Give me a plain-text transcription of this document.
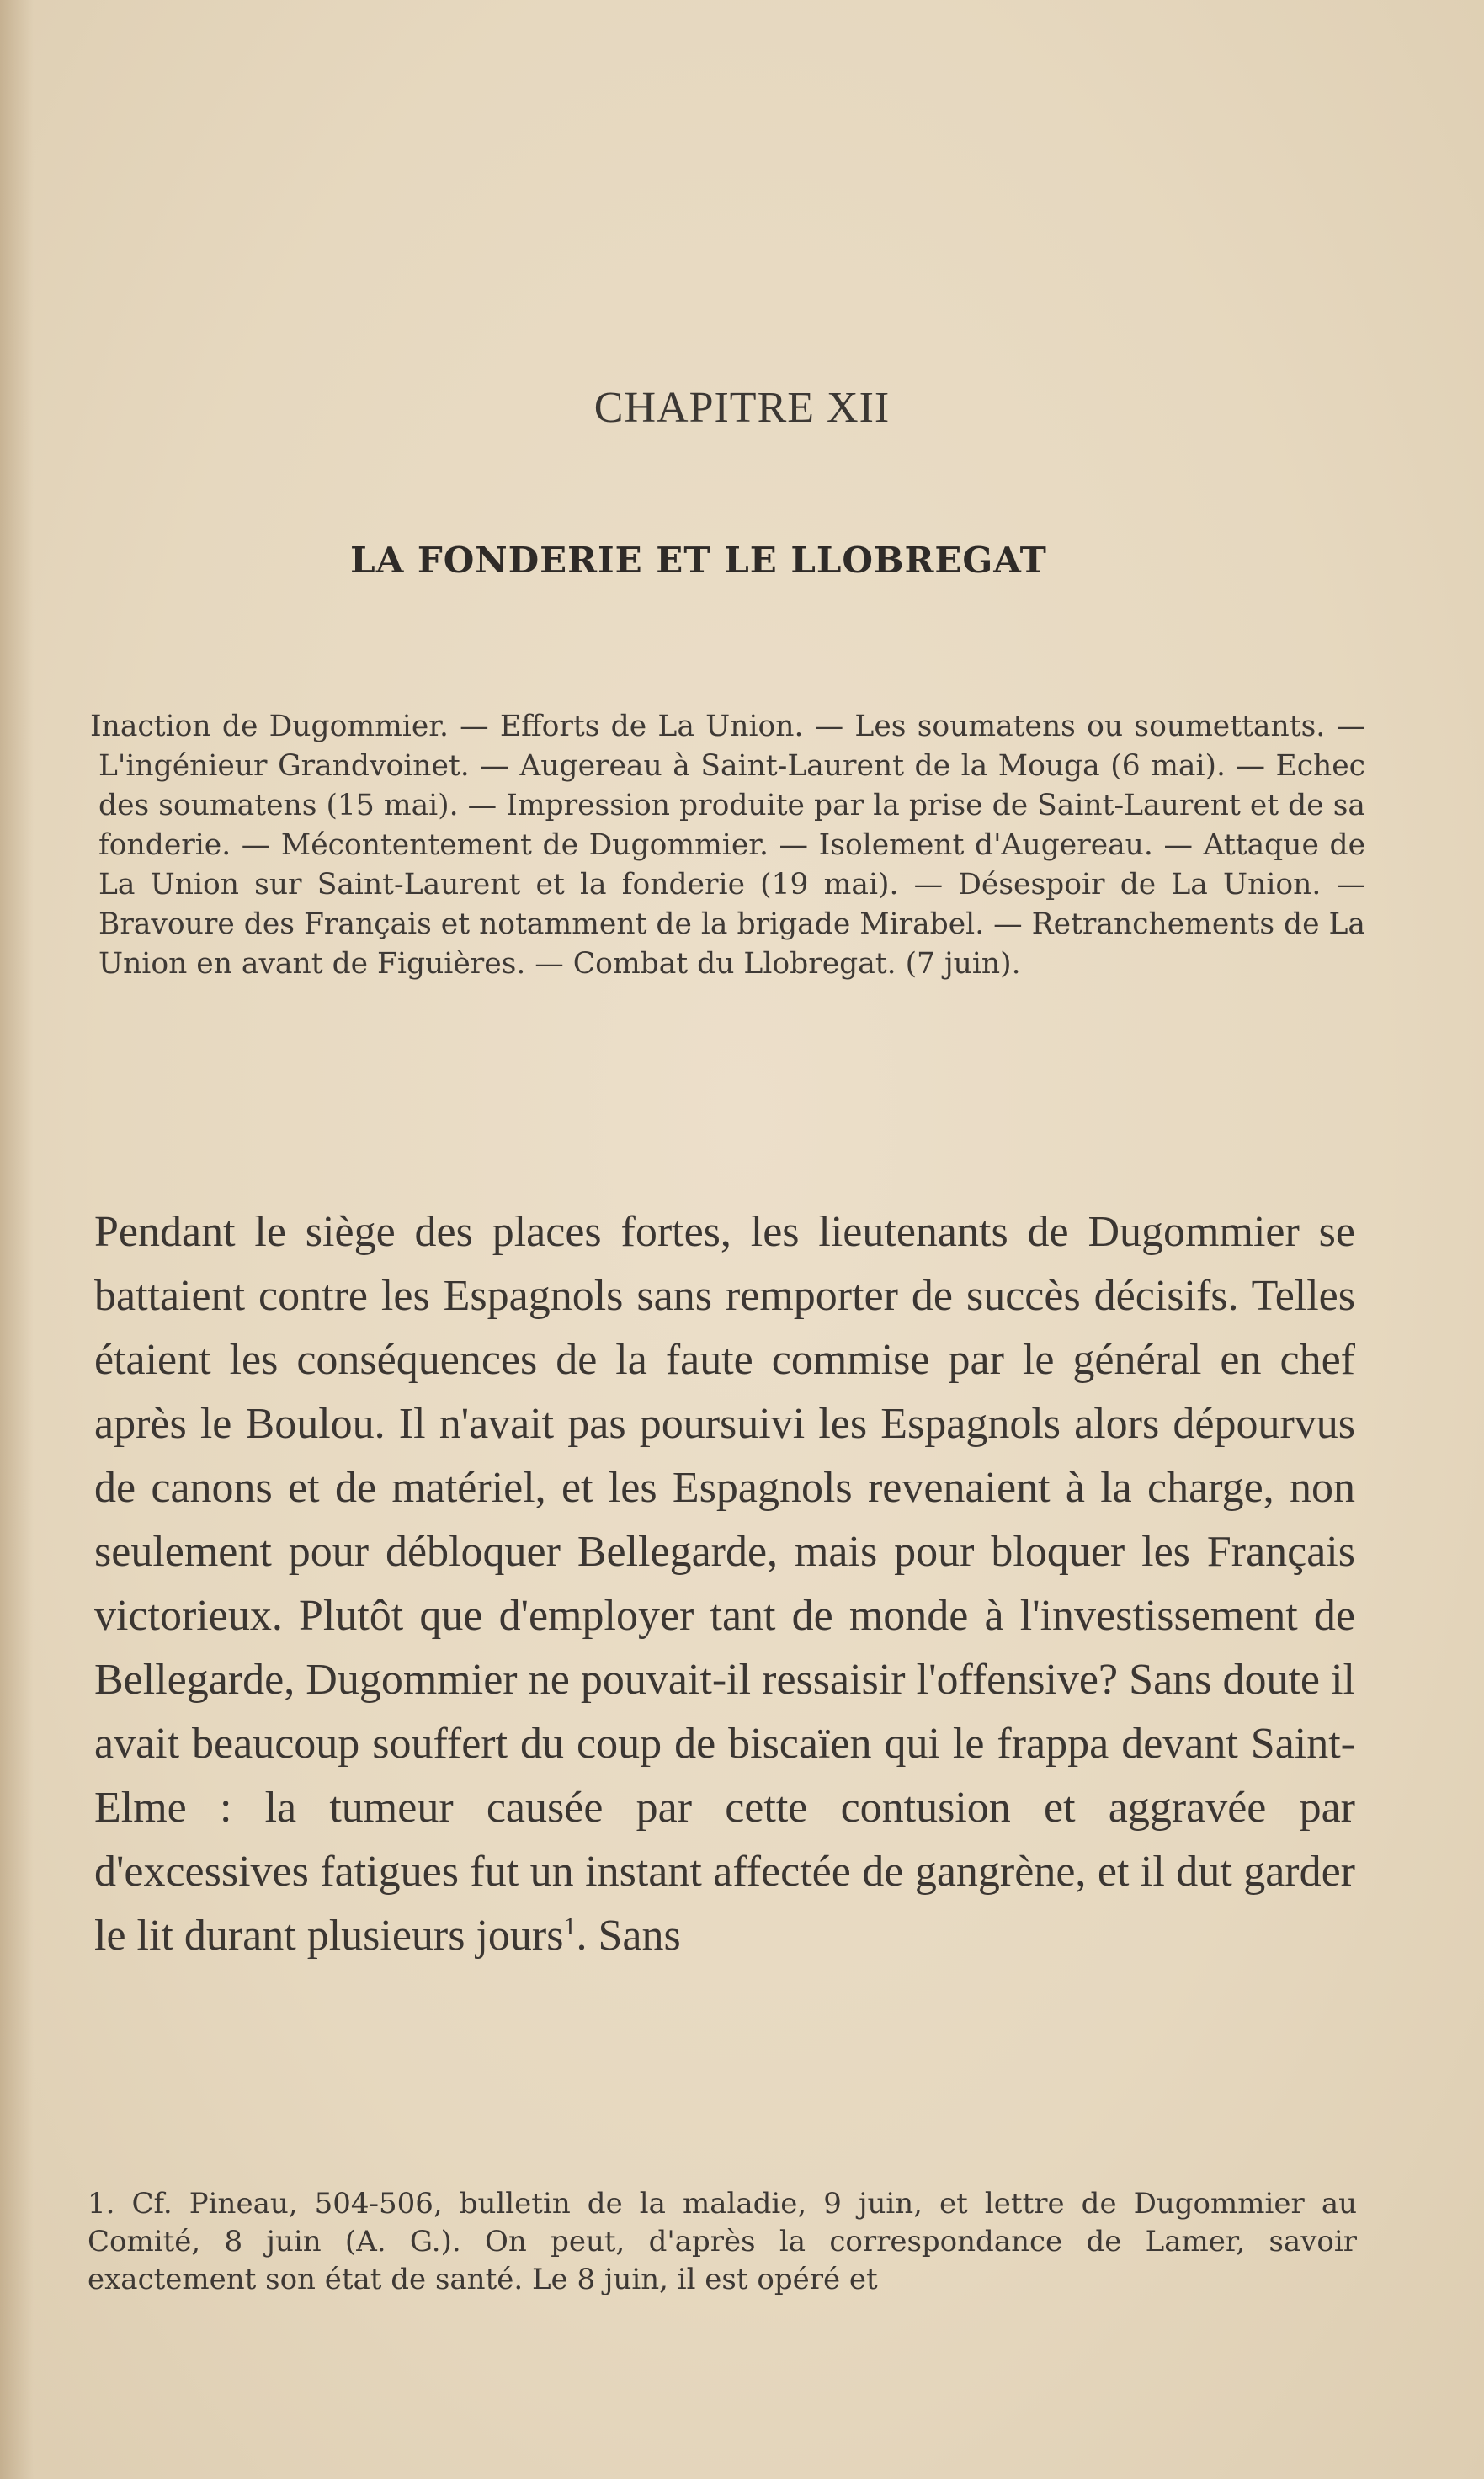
CHAPITRE XII
LA FONDERIE ET LE LLOBREGAT
Inaction de Dugommier. — Efforts de La Union. — Les soumatens ou soumettants. — L'ingénieur Grandvoinet. — Augereau à Saint-Laurent de la Mouga (6 mai). — Echec des soumatens (15 mai). — Impression produite par la prise de Saint-Laurent et de sa fonderie. — Mécontentement de Dugommier. — Isolement d'Augereau. — Attaque de La Union sur Saint-Laurent et la fonderie (19 mai). — Désespoir de La Union. — Bravoure des Français et notamment de la brigade Mirabel. — Retranchements de La Union en avant de Figuières. — Combat du Llobregat. (7 juin).

Pendant le siège des places fortes, les lieutenants de Dugommier se battaient contre les Espagnols sans remporter de succès décisifs. Telles étaient les conséquences de la faute commise par le général en chef après le Boulou. Il n'avait pas poursuivi les Espagnols alors dépourvus de canons et de matériel, et les Espagnols revenaient à la charge, non seulement pour débloquer Bellegarde, mais pour bloquer les Français victorieux. Plutôt que d'employer tant de monde à l'investissement de Bellegarde, Dugommier ne pouvait-il ressaisir l'offensive? Sans doute il avait beaucoup souffert du coup de biscaïen qui le frappa devant Saint-Elme : la tumeur causée par cette contusion et aggravée par d'excessives fatigues fut un instant affectée de gangrène, et il dut garder le lit durant plusieurs jours$^1$. Sans

1. Cf. Pineau, 504-506, bulletin de la maladie, 9 juin, et lettre de Dugommier au Comité, 8 juin (A. G.). On peut, d'après la correspondance de Lamer, savoir exactement son état de santé. Le 8 juin, il est opéré et
